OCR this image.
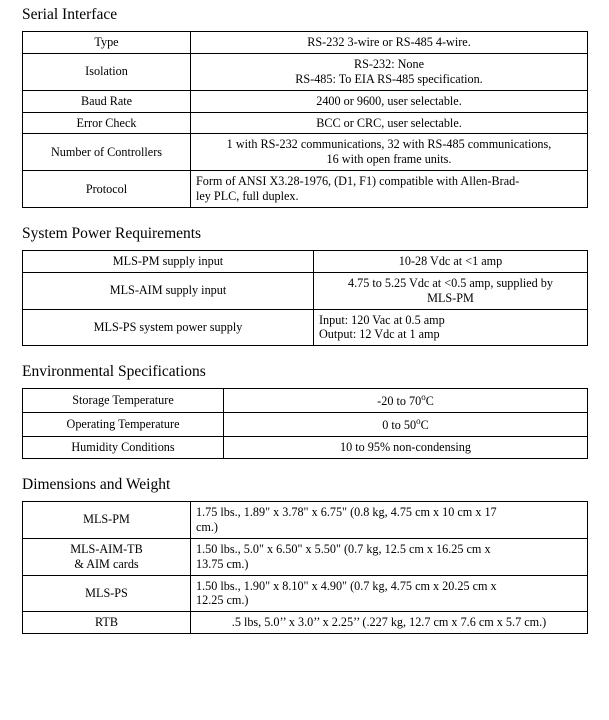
Serial Interface
Type	RS-232 3-wire or RS-485 4-wire.
Isolation	RS-232: None
RS-485: To EIA RS-485 specification.
Baud Rate	2400 or 9600, user selectable.
Error Check	BCC or CRC, user selectable.
Number of Controllers	1 with RS-232 communications, 32 with RS-485 communications,
16 with open frame units.
Protocol	Form of ANSI X3.28-1976, (D1, F1) compatible with Allen-Brad-
ley PLC, full duplex.
System Power Requirements
MLS-PM supply input	10-28 Vdc at <1 amp
MLS-AIM supply input	4.75 to 5.25 Vdc at <0.5 amp, supplied by
MLS-PM
MLS-PS system power supply	Input: 120 Vac at 0.5 amp
Output: 12 Vdc at 1 amp
Environmental Specifications
Storage Temperature	-20 to 70$^o$C
Operating Temperature	0 to 50$^o$C
Humidity Conditions	10 to 95% non-condensing
Dimensions and Weight
MLS-PM	1.75 lbs., 1.89" x 3.78" x 6.75" (0.8 kg, 4.75 cm x 10 cm x 17
cm.)
MLS-AIM-TB
& AIM cards	1.50 lbs., 5.0" x 6.50" x 5.50" (0.7 kg, 12.5 cm x 16.25 cm x
13.75 cm.)
MLS-PS	1.50 lbs., 1.90" x 8.10" x 4.90" (0.7 kg, 4.75 cm x 20.25 cm x
12.25 cm.)
RTB	.5 lbs, 5.0’’ x 3.0’’ x 2.25’’ (.227 kg, 12.7 cm x 7.6 cm x 5.7 cm.)
